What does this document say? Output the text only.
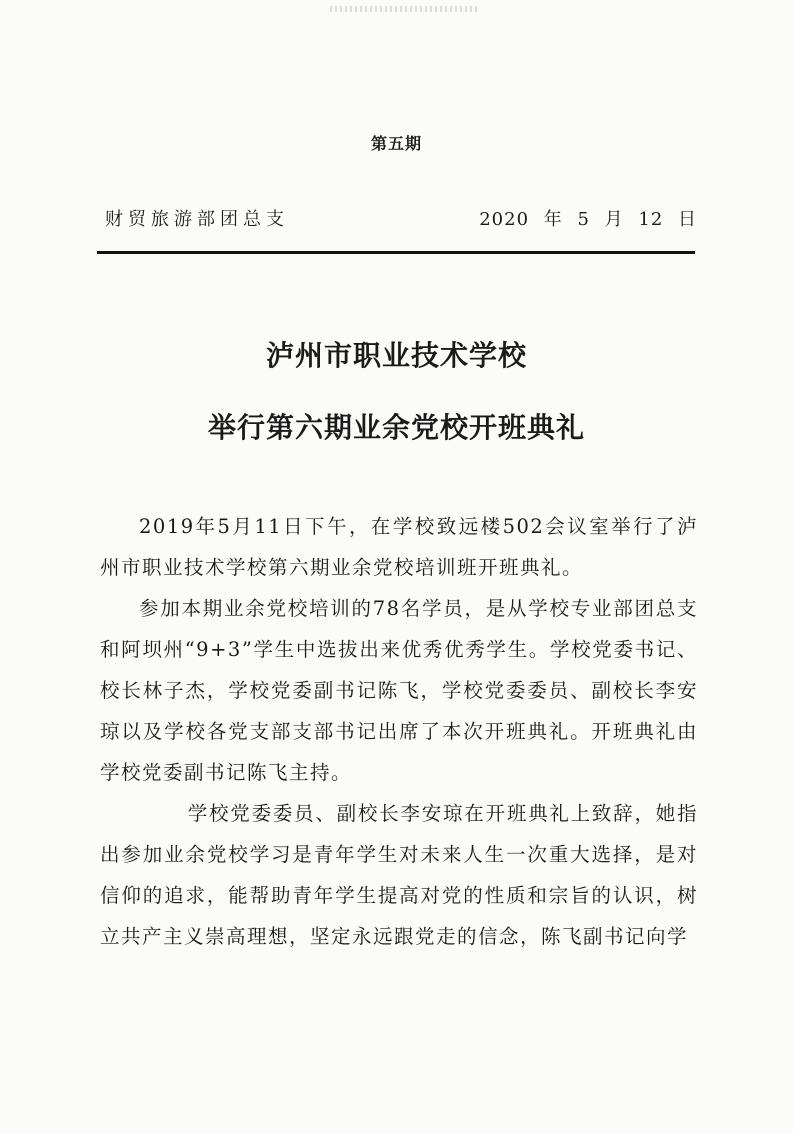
第五期
财贸旅游部团总支	2020 年 5 月 12 日
泸州市职业技术学校
举行第六期业余党校开班典礼

2019年5月11日下午，在学校致远楼502会议室举行了泸州市职业技术学校第六期业余党校培训班开班典礼。

参加本期业余党校培训的78名学员，是从学校专业部团总支和阿坝州“9+3”学生中选拔出来优秀优秀学生。学校党委书记、校长林子杰，学校党委副书记陈飞，学校党委委员、副校长李安琼以及学校各党支部支部书记出席了本次开班典礼。开班典礼由学校党委副书记陈飞主持。

学校党委委员、副校长李安琼在开班典礼上致辞，她指出参加业余党校学习是青年学生对未来人生一次重大选择，是对信仰的追求，能帮助青年学生提高对党的性质和宗旨的认识，树立共产主义崇高理想，坚定永远跟党走的信念，陈飞副书记向学
